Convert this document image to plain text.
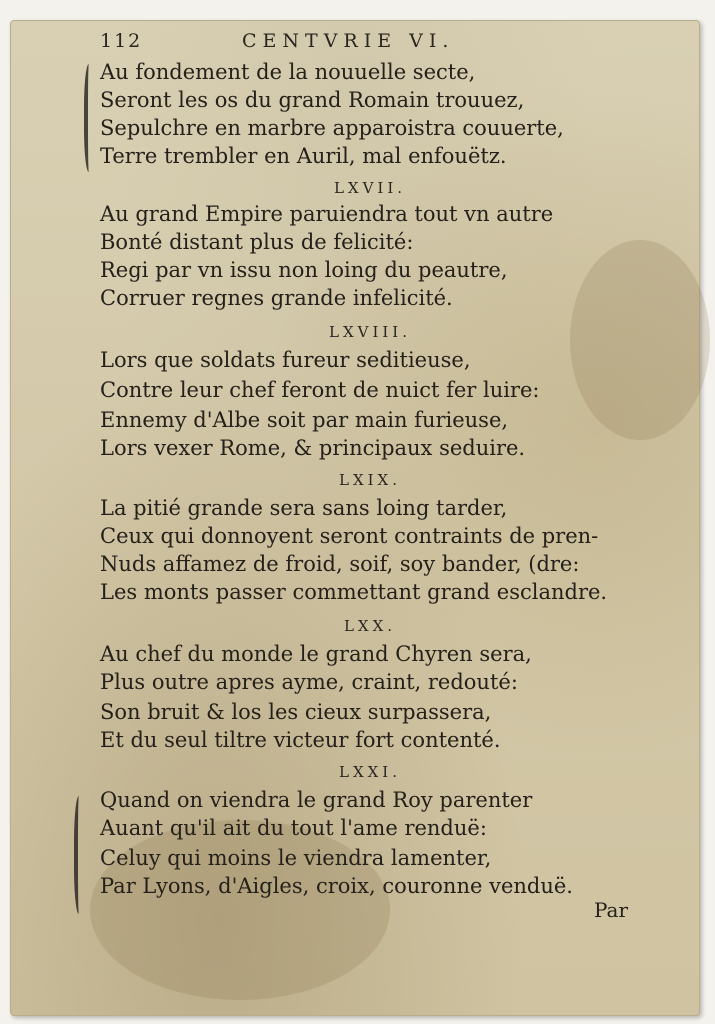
112	CENTVRIE VI.
Au fondement de la nouuelle secte,
Seront les os du grand Romain trouuez,
Sepulchre en marbre apparoistra couuerte,
Terre trembler en Auril, mal enfouëtz.
LXVII.
Au grand Empire paruiendra tout vn autre
Bonté distant plus de felicité:
Regi par vn issu non loing du peautre,
Corruer regnes grande infelicité.
LXVIII.
Lors que soldats fureur seditieuse,
Contre leur chef feront de nuict fer luire:
Ennemy d'Albe soit par main furieuse,
Lors vexer Rome, & principaux seduire.
LXIX.
La pitié grande sera sans loing tarder,
Ceux qui donnoyent seront contraints de pren-
Nuds affamez de froid, soif, soy bander, (dre:
Les monts passer commettant grand esclandre.
LXX.
Au chef du monde le grand Chyren sera,
Plus outre apres ayme, craint, redouté:
Son bruit & los les cieux surpassera,
Et du seul tiltre victeur fort contenté.
LXXI.
Quand on viendra le grand Roy parenter
Auant qu'il ait du tout l'ame renduë:
Celuy qui moins le viendra lamenter,
Par Lyons, d'Aigles, croix, couronne venduë.
Par
